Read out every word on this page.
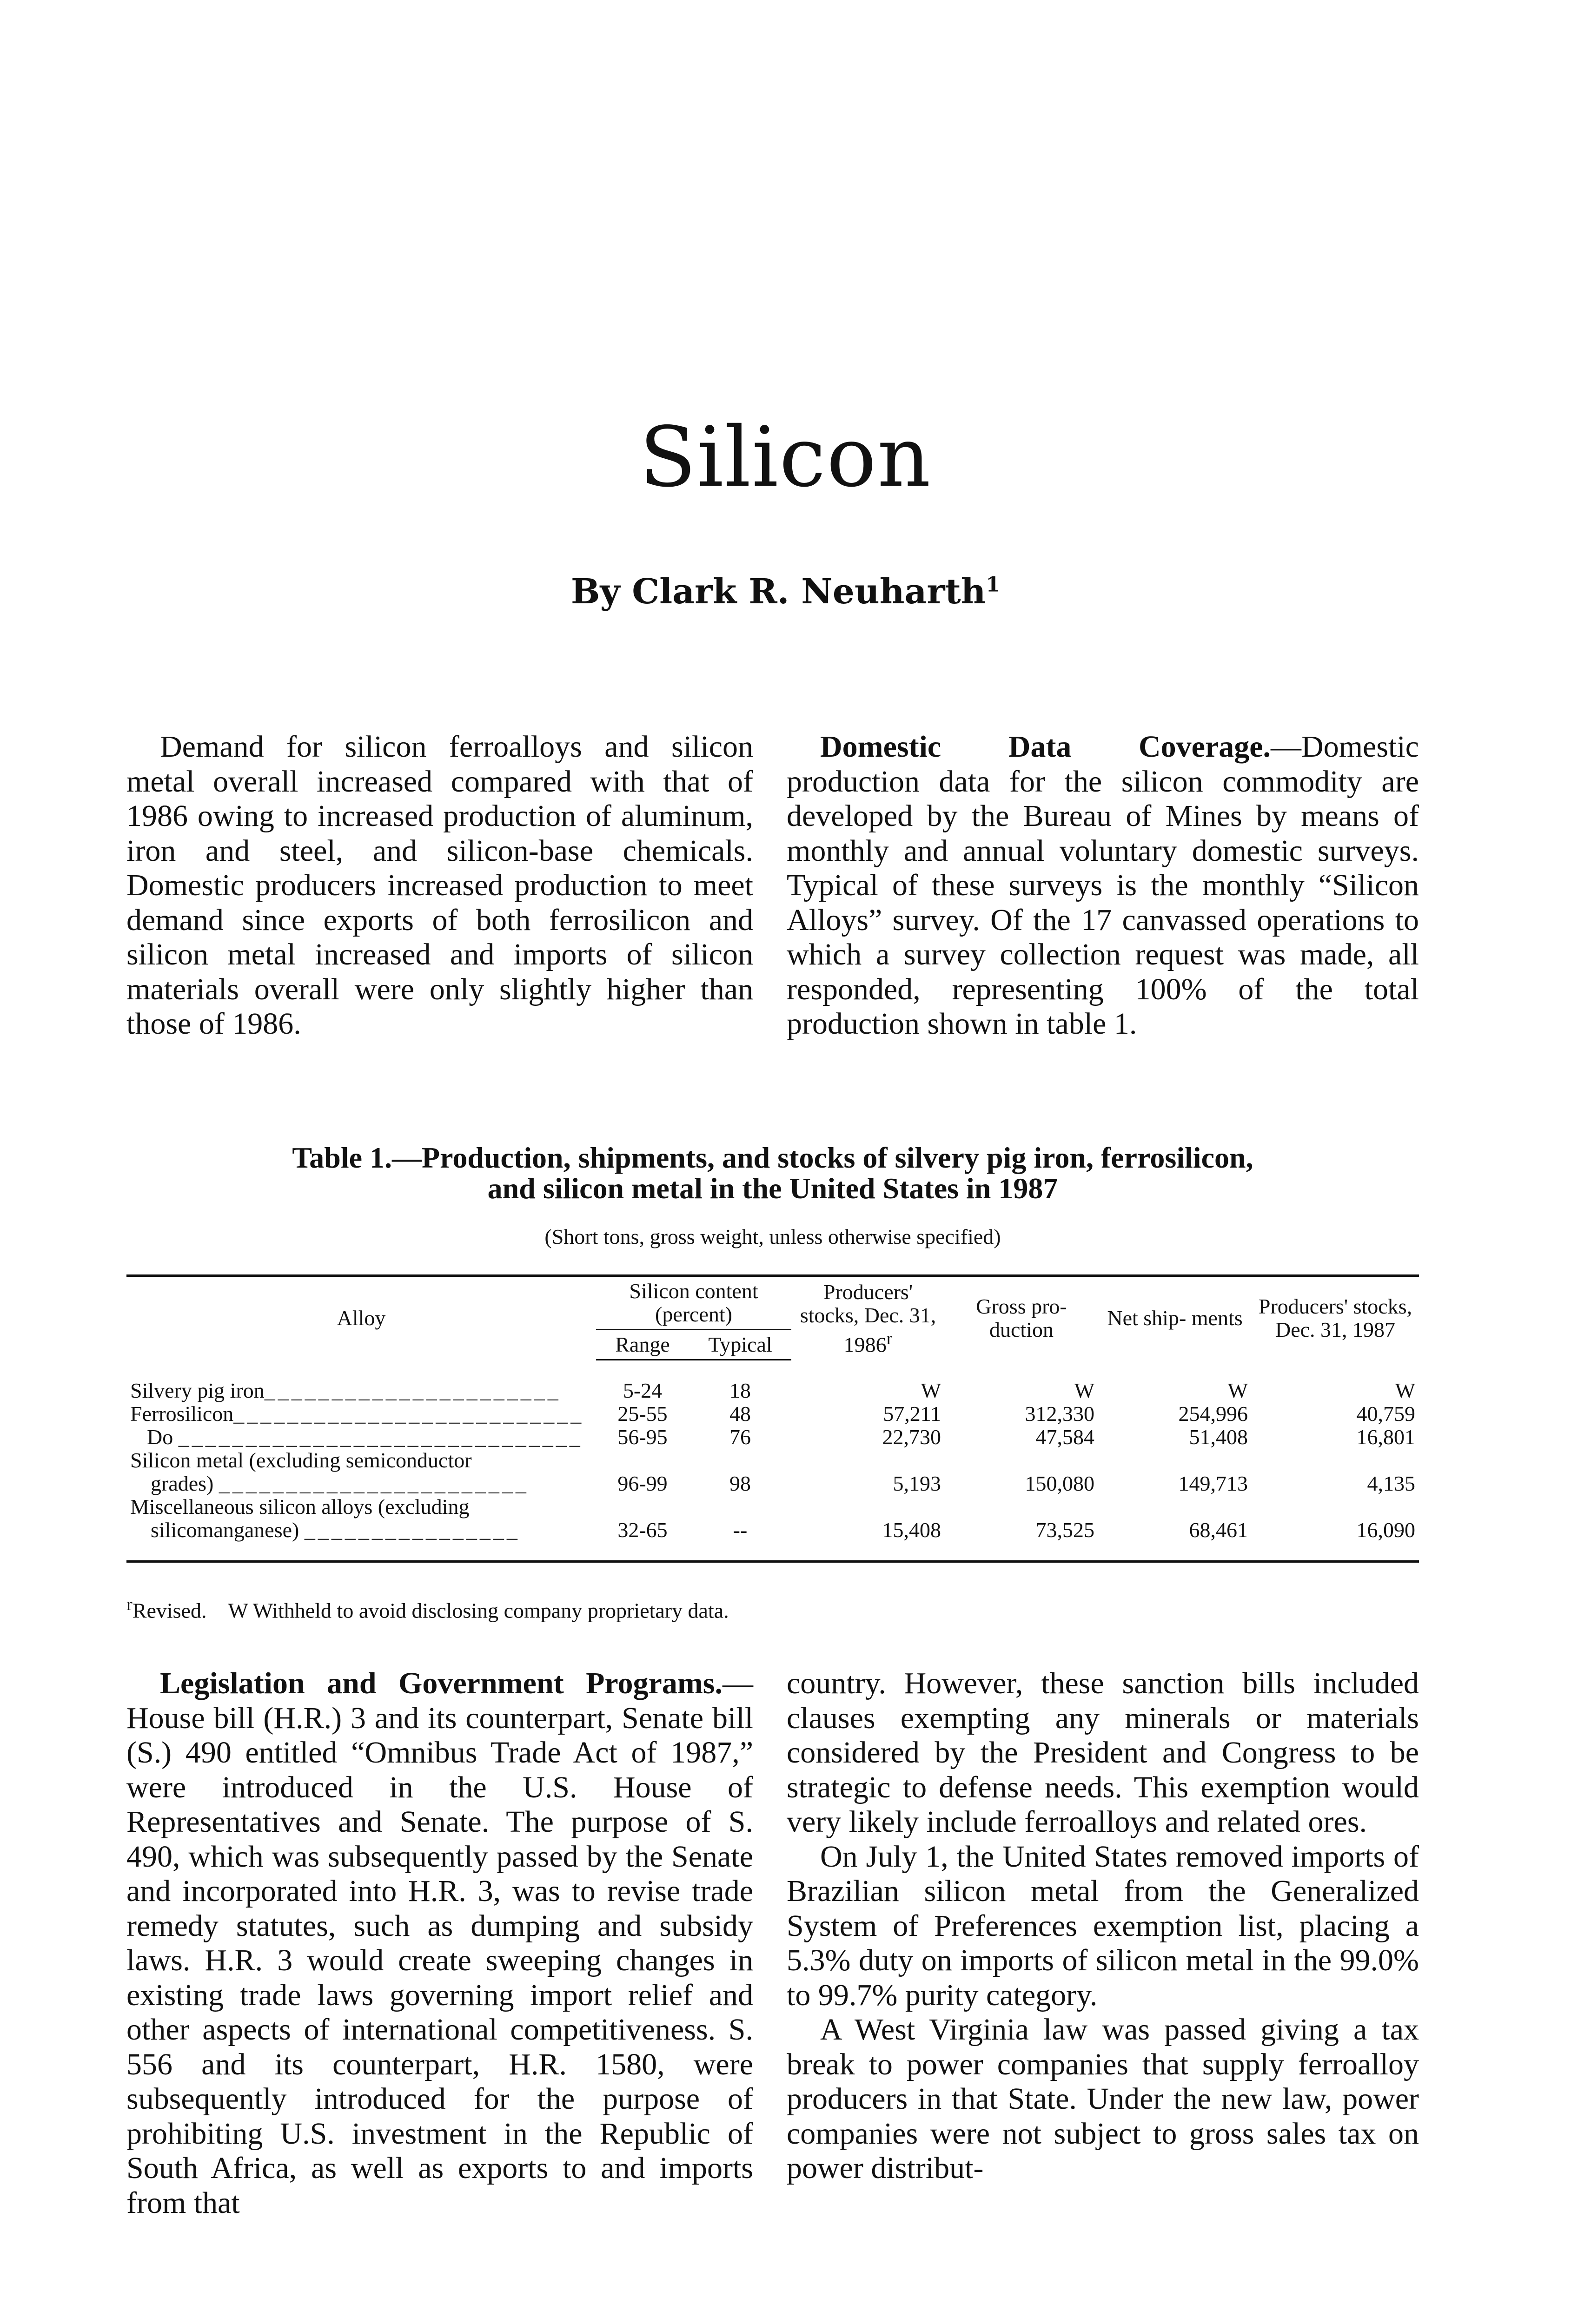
Silicon
By Clark R. Neuharth$^1$

Demand for silicon ferroalloys and silicon metal overall increased compared with that of 1986 owing to increased production of aluminum, iron and steel, and silicon-base chemicals. Domestic producers increased production to meet demand since exports of both ferrosilicon and silicon metal increased and imports of silicon materials overall were only slightly higher than those of 1986.

Domestic Data Coverage.—Domestic production data for the silicon commodity are developed by the Bureau of Mines by means of monthly and annual voluntary domestic surveys. Typical of these surveys is the monthly “Silicon Alloys” survey. Of the 17 canvassed operations to which a survey collection request was made, all responded, representing 100% of the total production shown in table 1.

Table 1.—Production, shipments, and stocks of silvery pig iron, ferrosilicon,
and silicon metal in the United States in 1987
(Short tons, gross weight, unless otherwise specified)
Alloy	Silicon content (percent)		Producers' stocks, Dec. 31, 1986$^r$	Gross pro- duction	Net ship- ments	Producers' stocks, Dec. 31, 1987
	Range	Typical				

Silvery pig iron______________________	5-24	18	W	W	W	W
Ferrosilicon__________________________	25-55	48	57,211	312,330	254,996	40,759
Do ______________________________	56-95	76	22,730	47,584	51,408	16,801

Silicon metal (excluding semiconductor
grades) _______________________	96-99	98	5,193	150,080	149,713	4,135

Miscellaneous silicon alloys (excluding
silicomanganese) ________________	32-65	--	15,408	73,525	68,461	16,090

$^r$Revised. W Withheld to avoid disclosing company proprietary data.

Legislation and Government Programs.—House bill (H.R.) 3 and its counterpart, Senate bill (S.) 490 entitled “Omnibus Trade Act of 1987,” were introduced in the U.S. House of Representatives and Senate. The purpose of S. 490, which was subsequently passed by the Senate and incorporated into H.R. 3, was to revise trade remedy statutes, such as dumping and subsidy laws. H.R. 3 would create sweeping changes in existing trade laws governing import relief and other aspects of international competitiveness. S. 556 and its counterpart, H.R. 1580, were subsequently introduced for the purpose of prohibiting U.S. investment in the Republic of South Africa, as well as exports to and imports from that

country. However, these sanction bills included clauses exempting any minerals or materials considered by the President and Congress to be strategic to defense needs. This exemption would very likely include ferroalloys and related ores.

On July 1, the United States removed imports of Brazilian silicon metal from the Generalized System of Preferences exemption list, placing a 5.3% duty on imports of silicon metal in the 99.0% to 99.7% purity category.

A West Virginia law was passed giving a tax break to power companies that supply ferroalloy producers in that State. Under the new law, power companies were not subject to gross sales tax on power distribut-
